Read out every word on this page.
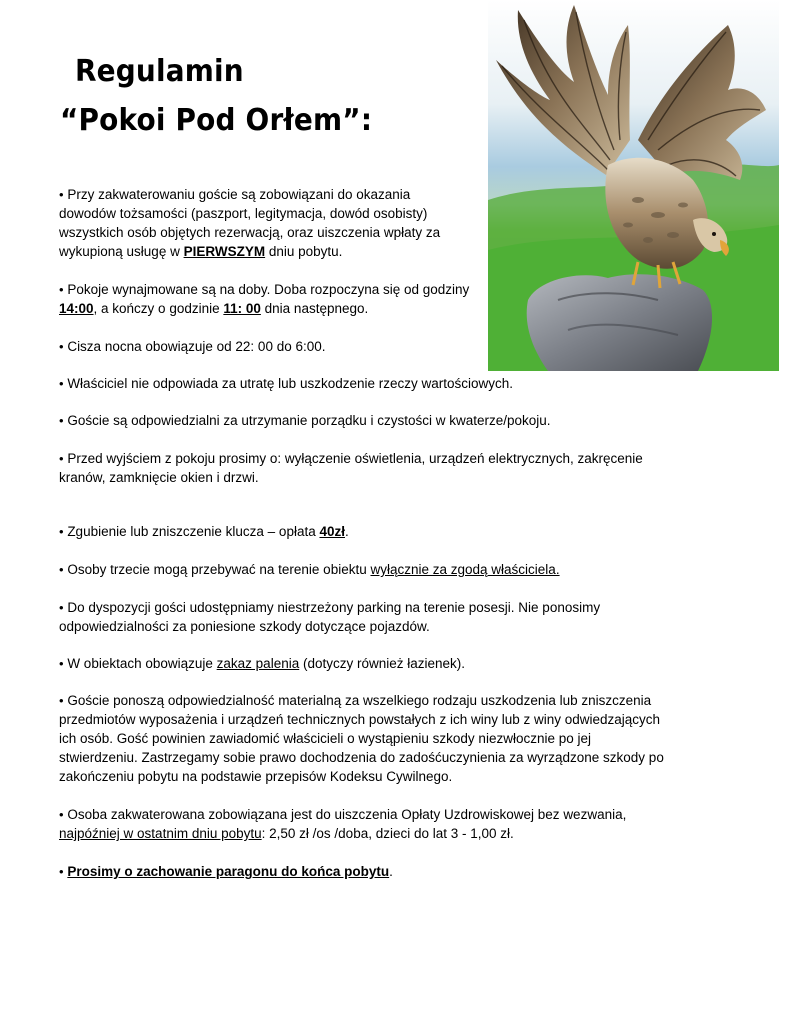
Regulamin
“Pokoi Pod Orłem”:
• Przy zakwaterowaniu goście są zobowiązani do okazania
dowodów tożsamości (paszport, legitymacja, dowód osobisty)
wszystkich osób objętych rezerwacją, oraz uiszczenia wpłaty za
wykupioną usługę w PIERWSZYM dniu pobytu.
• Pokoje wynajmowane są na doby. Doba rozpoczyna się od godziny
14:00, a kończy o godzinie 11: 00 dnia następnego.
• Cisza nocna obowiązuje od 22: 00 do 6:00.
• Właściciel nie odpowiada za utratę lub uszkodzenie rzeczy wartościowych.
• Goście są odpowiedzialni za utrzymanie porządku i czystości w kwaterze/pokoju.
• Przed wyjściem z pokoju prosimy o: wyłączenie oświetlenia, urządzeń elektrycznych, zakręcenie
kranów, zamknięcie okien i drzwi.
• Zgubienie lub zniszczenie klucza – opłata 40zł.
• Osoby trzecie mogą przebywać na terenie obiektu wyłącznie za zgodą właściciela.
• Do dyspozycji gości udostępniamy niestrzeżony parking na terenie posesji. Nie ponosimy
odpowiedzialności za poniesione szkody dotyczące pojazdów.
• W obiektach obowiązuje zakaz palenia (dotyczy również łazienek).
• Goście ponoszą odpowiedzialność materialną za wszelkiego rodzaju uszkodzenia lub zniszczenia
przedmiotów wyposażenia i urządzeń technicznych powstałych z ich winy lub z winy odwiedzających
ich osób. Gość powinien zawiadomić właścicieli o wystąpieniu szkody niezwłocznie po jej
stwierdzeniu. Zastrzegamy sobie prawo dochodzenia do zadośćuczynienia za wyrządzone szkody po
zakończeniu pobytu na podstawie przepisów Kodeksu Cywilnego.
• Osoba zakwaterowana zobowiązana jest do uiszczenia Opłaty Uzdrowiskowej bez wezwania,
najpóźniej w ostatnim dniu pobytu: 2,50 zł /os /doba, dzieci do lat 3 - 1,00 zł.
• Prosimy o zachowanie paragonu do końca pobytu.
